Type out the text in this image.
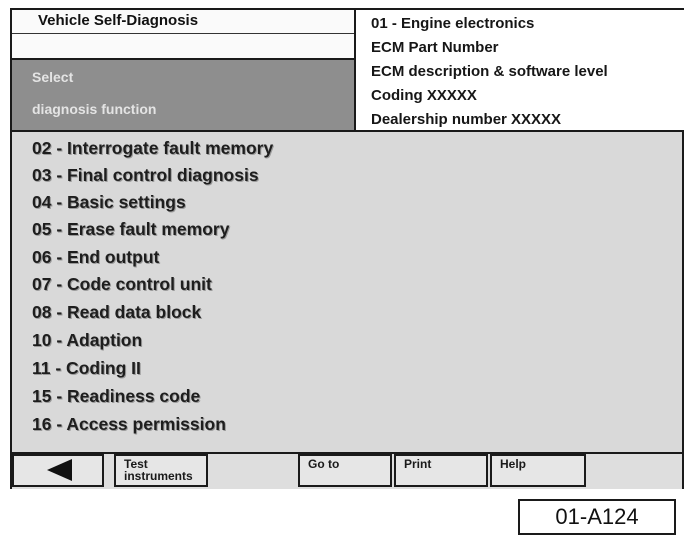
Vehicle Self-Diagnosis
Select
diagnosis function
01 - Engine electronics
ECM Part Number
ECM description & software level
Coding XXXXX
Dealership number XXXXX
02 - Interrogate fault memory
03 - Final control diagnosis
04 - Basic settings
05 - Erase fault memory
06 - End output
07 - Code control unit
08 - Read data block
10 - Adaption
11 - Coding II
15 - Readiness code
16 - Access permission
Test
instruments
Go to	Print	Help
01-A124
